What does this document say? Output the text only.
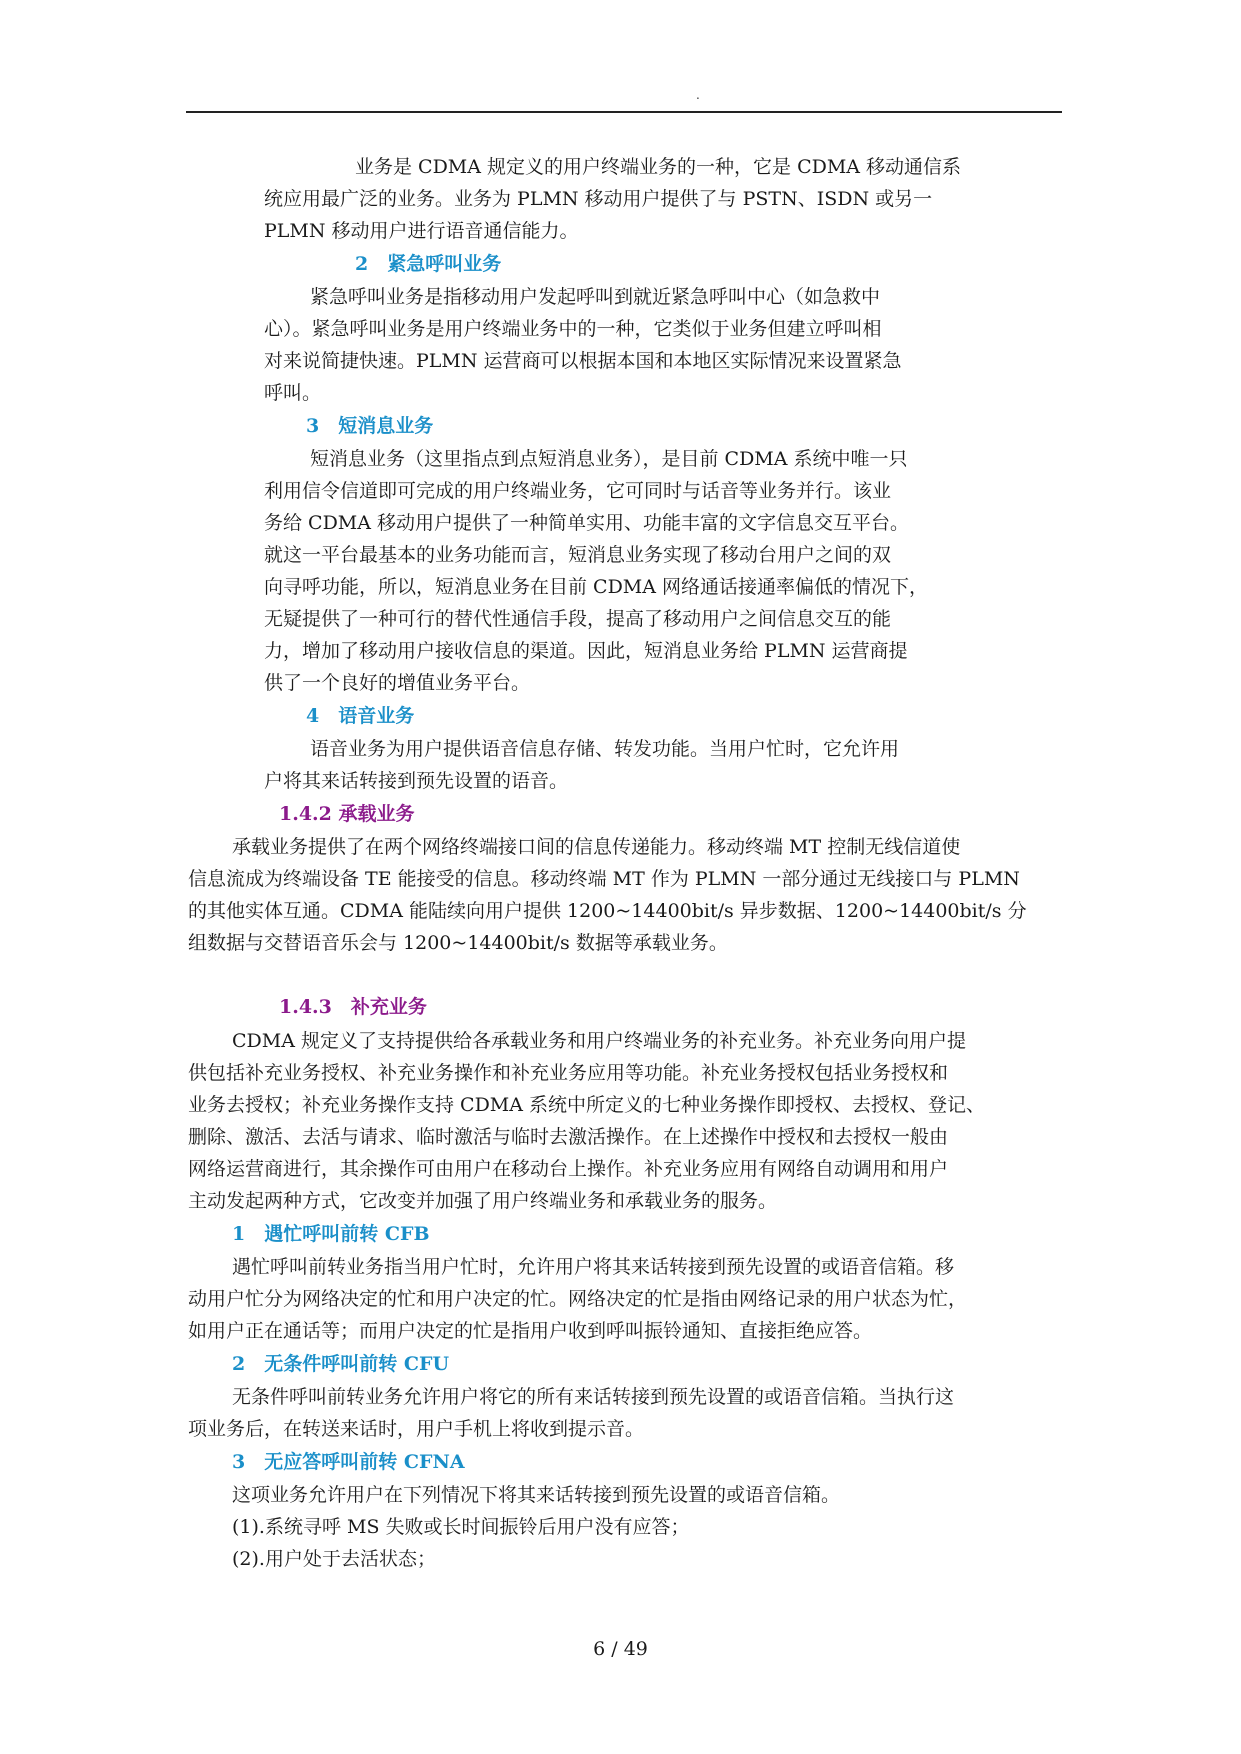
.
业务是 CDMA 规定义的用户终端业务的一种，它是 CDMA 移动通信系
统应用最广泛的业务。业务为 PLMN 移动用户提供了与 PSTN、ISDN 或另一
PLMN 移动用户进行语音通信能力。
2　紧急呼叫业务
紧急呼叫业务是指移动用户发起呼叫到就近紧急呼叫中心（如急救中
心）。紧急呼叫业务是用户终端业务中的一种，它类似于业务但建立呼叫相
对来说简捷快速。PLMN 运营商可以根据本国和本地区实际情况来设置紧急
呼叫。
3　短消息业务
短消息业务（这里指点到点短消息业务），是目前 CDMA 系统中唯一只
利用信令信道即可完成的用户终端业务，它可同时与话音等业务并行。该业
务给 CDMA 移动用户提供了一种简单实用、功能丰富的文字信息交互平台。
就这一平台最基本的业务功能而言，短消息业务实现了移动台用户之间的双
向寻呼功能，所以，短消息业务在目前 CDMA 网络通话接通率偏低的情况下，
无疑提供了一种可行的替代性通信手段，提高了移动用户之间信息交互的能
力，增加了移动用户接收信息的渠道。因此，短消息业务给 PLMN 运营商提
供了一个良好的增值业务平台。
4　语音业务
语音业务为用户提供语音信息存储、转发功能。当用户忙时，它允许用
户将其来话转接到预先设置的语音。
1.4.2 承载业务
承载业务提供了在两个网络终端接口间的信息传递能力。移动终端 MT 控制无线信道使
信息流成为终端设备 TE 能接受的信息。移动终端 MT 作为 PLMN 一部分通过无线接口与 PLMN
的其他实体互通。CDMA 能陆续向用户提供 1200~14400bit/s 异步数据、1200~14400bit/s 分
组数据与交替语音乐会与 1200~14400bit/s 数据等承载业务。
1.4.3　补充业务
CDMA 规定义了支持提供给各承载业务和用户终端业务的补充业务。补充业务向用户提
供包括补充业务授权、补充业务操作和补充业务应用等功能。补充业务授权包括业务授权和
业务去授权；补充业务操作支持 CDMA 系统中所定义的七种业务操作即授权、去授权、登记、
删除、激活、去活与请求、临时激活与临时去激活操作。在上述操作中授权和去授权一般由
网络运营商进行，其余操作可由用户在移动台上操作。补充业务应用有网络自动调用和用户
主动发起两种方式，它改变并加强了用户终端业务和承载业务的服务。
1　遇忙呼叫前转 CFB
遇忙呼叫前转业务指当用户忙时，允许用户将其来话转接到预先设置的或语音信箱。移
动用户忙分为网络决定的忙和用户决定的忙。网络决定的忙是指由网络记录的用户状态为忙，
如用户正在通话等；而用户决定的忙是指用户收到呼叫振铃通知、直接拒绝应答。
2　无条件呼叫前转 CFU
无条件呼叫前转业务允许用户将它的所有来话转接到预先设置的或语音信箱。当执行这
项业务后，在转送来话时，用户手机上将收到提示音。
3　无应答呼叫前转 CFNA
这项业务允许用户在下列情况下将其来话转接到预先设置的或语音信箱。
(1).系统寻呼 MS 失败或长时间振铃后用户没有应答；
(2).用户处于去活状态；
6 / 49
